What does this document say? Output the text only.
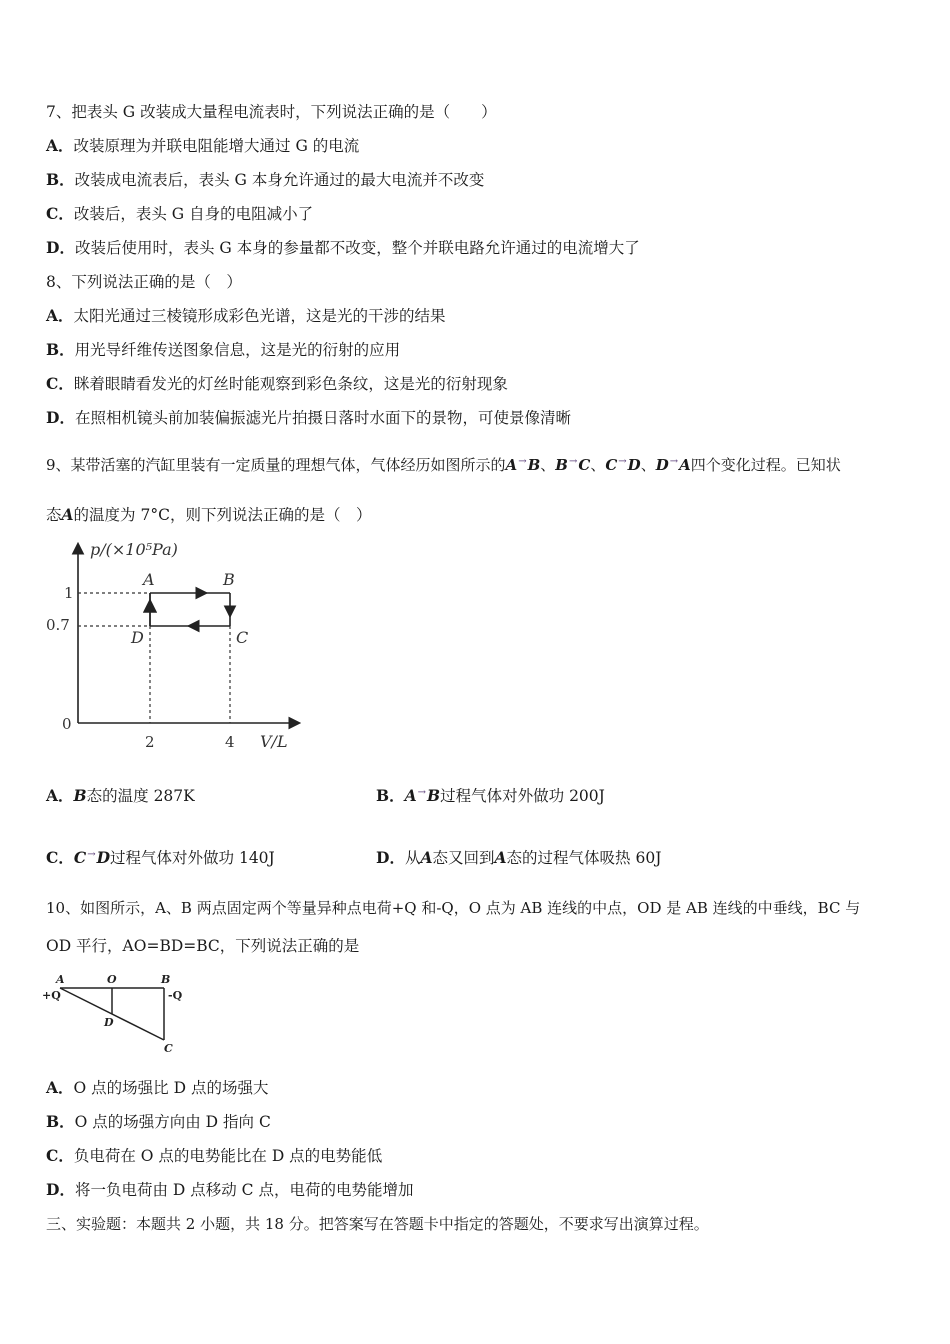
7、把表头 G 改装成大量程电流表时，下列说法正确的是（　　）
A．改装原理为并联电阻能增大通过 G 的电流
B．改装成电流表后，表头 G 本身允许通过的最大电流并不改变
C．改装后，表头 G 自身的电阻减小了
D．改装后使用时，表头 G 本身的参量都不改变，整个并联电路允许通过的电流增大了
8、下列说法正确的是（　）
A．太阳光通过三棱镜形成彩色光谱，这是光的干涉的结果
B．用光导纤维传送图象信息，这是光的衍射的应用
C．眯着眼睛看发光的灯丝时能观察到彩色条纹，这是光的衍射现象
D．在照相机镜头前加装偏振滤光片拍摄日落时水面下的景物，可使景像清晰
9、某带活塞的汽缸里装有一定质量的理想气体，气体经历如图所示的A→B、B→C、C→D、D→A四个变化过程。已知状
态A的温度为 7°C，则下列说法正确的是（　）
p/(×10⁵Pa)
V/L
0
1
0.7
2	4
A	B
C
D
A．B态的温度 287K	B．A→B过程气体对外做功 200J
C．C→D过程气体对外做功 140J	D．从A态又回到A态的过程气体吸热 60J
10、如图所示，A、B 两点固定两个等量异种点电荷+Q 和-Q，O 点为 AB 连线的中点，OD 是 AB 连线的中垂线，BC 与
OD 平行，AO=BD=BC，下列说法正确的是
A	O	B
D
C
+Q	-Q
A．O 点的场强比 D 点的场强大
B．O 点的场强方向由 D 指向 C
C．负电荷在 O 点的电势能比在 D 点的电势能低
D．将一负电荷由 D 点移动 C 点，电荷的电势能增加
三、实验题：本题共 2 小题，共 18 分。把答案写在答题卡中指定的答题处，不要求写出演算过程。
